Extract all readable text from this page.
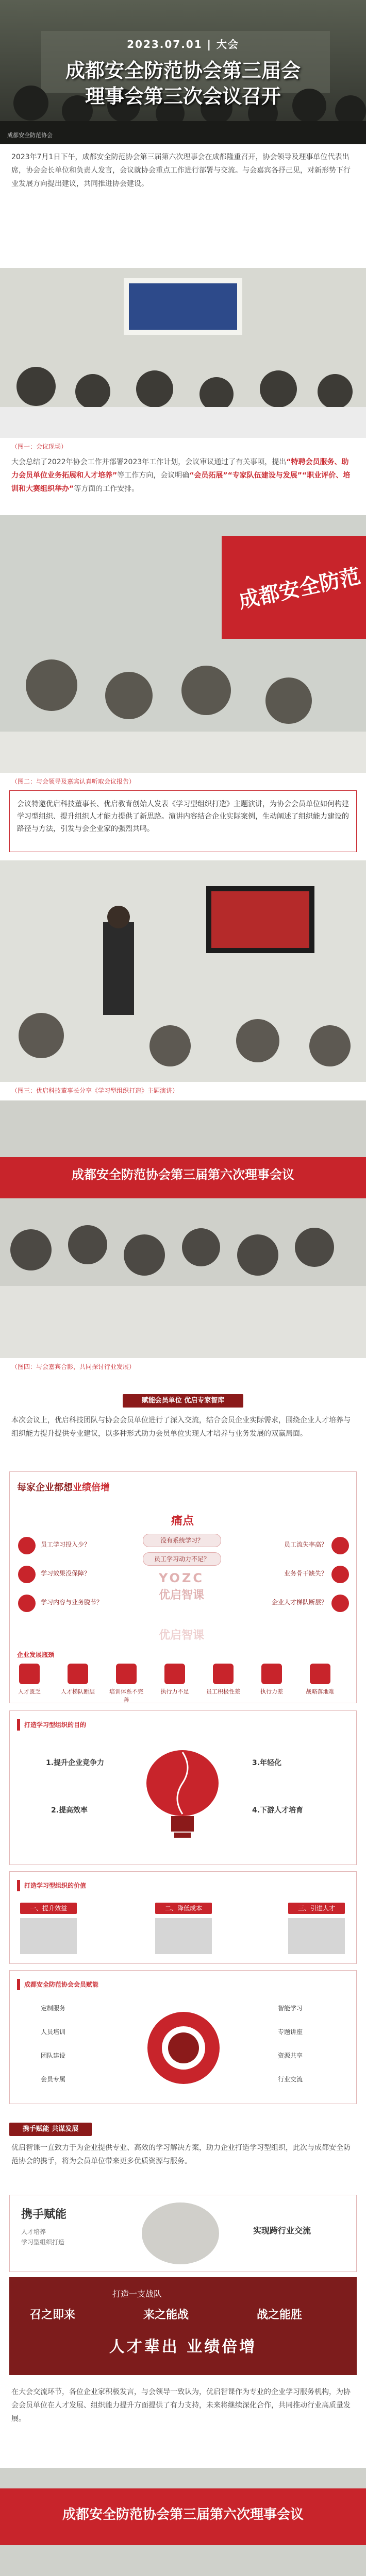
2023.07.01 | 大会
成都安全防范协会第三届会
理事会第三次会议召开
成都安全防范协会

2023年7月1日下午，成都安全防范协会第三届第六次理事会在成都隆重召开，协会领导及理事单位代表出席，协会会长单位和负责人发言，会议就协会重点工作进行部署与交流。与会嘉宾各抒己见，对新形势下行业发展方向提出建议，共同推进协会建设。

（图一：会议现场）

大会总结了2022年协会工作并部署2023年工作计划，会议审议通过了有关事项，提出“特聘会员服务、助力会员单位业务拓展和人才培养”等工作方向，会议明确“会员拓展”“专家队伍建设与发展”“职业评价、培训和大赛组织举办”等方面的工作安排。

成都安全防范
（图二：与会领导及嘉宾认真听取会议报告）
会议特邀优启科技董事长、优启教育创始人发表《学习型组织打造》主题演讲，为协会会员单位如何构建学习型组织、提升组织人才能力提供了新思路。演讲内容结合企业实际案例，生动阐述了组织能力建设的路径与方法，引发与会企业家的强烈共鸣。
（图三：优启科技董事长分享《学习型组织打造》主题演讲）
成都安全防范协会第三届第六次理事会议
（图四：与会嘉宾合影，共同探讨行业发展）
赋能会员单位 优启专家智库

本次会议上，优启科技团队与协会会员单位进行了深入交流，结合会员企业实际需求，围绕企业人才培养与组织能力提升提供专业建议，以多种形式助力会员单位实现人才培养与业务发展的双赢局面。

每家企业都想业绩倍增
痛点
员工学习投入少？
学习效果没保障？
学习内容与业务脱节？
没有系统学习？
员工学习动力不足？
YOZC
优启智课
员工流失率高？
业务骨干缺失？
企业人才梯队断层？
优启智课
企业发展瓶颈
人才匮乏	人才梯队断层	培训体系不完善
执行力不足	员工积极性差	执行力差	战略落地难
打造学习型组织的目的
1.提升企业竞争力
2.提高效率
3.年轻化
4.下游人才培育
打造学习型组织的价值
一、提升效益	二、降低成本	三、引进人才
成都安全防范协会会员赋能
定制服务
人员培训
团队建设
会员专属
智能学习
专题讲座
资源共享
行业交流
携手赋能 共谋发展

优启智课一直致力于为企业提供专业、高效的学习解决方案，助力企业打造学习型组织，此次与成都安全防范协会的携手，将为会员单位带来更多优质资源与服务。

携手赋能
人才培养
学习型组织打造
实现跨行业交流
打造一支战队
召之即来	来之能战	战之能胜
人才辈出 业绩倍增

在大会交流环节，各位企业家积极发言，与会领导一致认为，优启智课作为专业的企业学习服务机构，为协会会员单位在人才发展、组织能力提升方面提供了有力支持，未来将继续深化合作，共同推动行业高质量发展。

成都安全防范协会第三届第六次理事会议
